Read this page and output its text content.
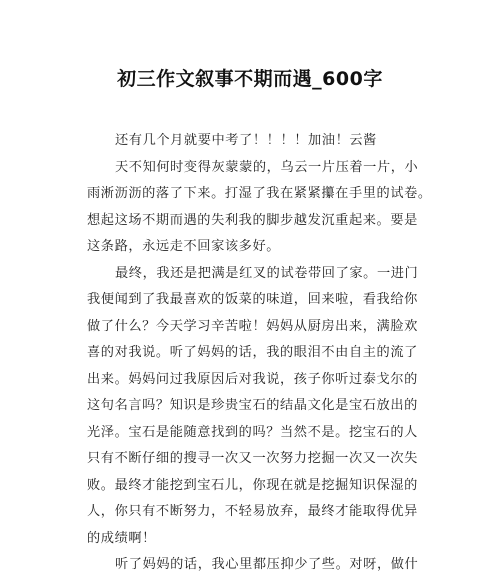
初三作文叙事不期而遇_600字
还有几个月就要中考了！！！！加油！云酱
天不知何时变得灰蒙蒙的，乌云一片压着一片，小
雨淅沥沥的落了下来。打湿了我在紧紧攥在手里的试卷。
想起这场不期而遇的失利我的脚步越发沉重起来。要是
这条路，永远走不回家该多好。
最终，我还是把满是红叉的试卷带回了家。一进门
我便闻到了我最喜欢的饭菜的味道，回来啦，看我给你
做了什么？今天学习辛苦啦！妈妈从厨房出来，满脸欢
喜的对我说。听了妈妈的话，我的眼泪不由自主的流了
出来。妈妈问过我原因后对我说，孩子你听过泰戈尔的
这句名言吗？知识是珍贵宝石的结晶文化是宝石放出的
光泽。宝石是能随意找到的吗？当然不是。挖宝石的人
只有不断仔细的搜寻一次又一次努力挖掘一次又一次失
败。最终才能挖到宝石儿，你现在就是挖掘知识保湿的
人，你只有不断努力，不轻易放弃，最终才能取得优异
的成绩啊！
听了妈妈的话，我心里都压抑少了些。对呀，做什
